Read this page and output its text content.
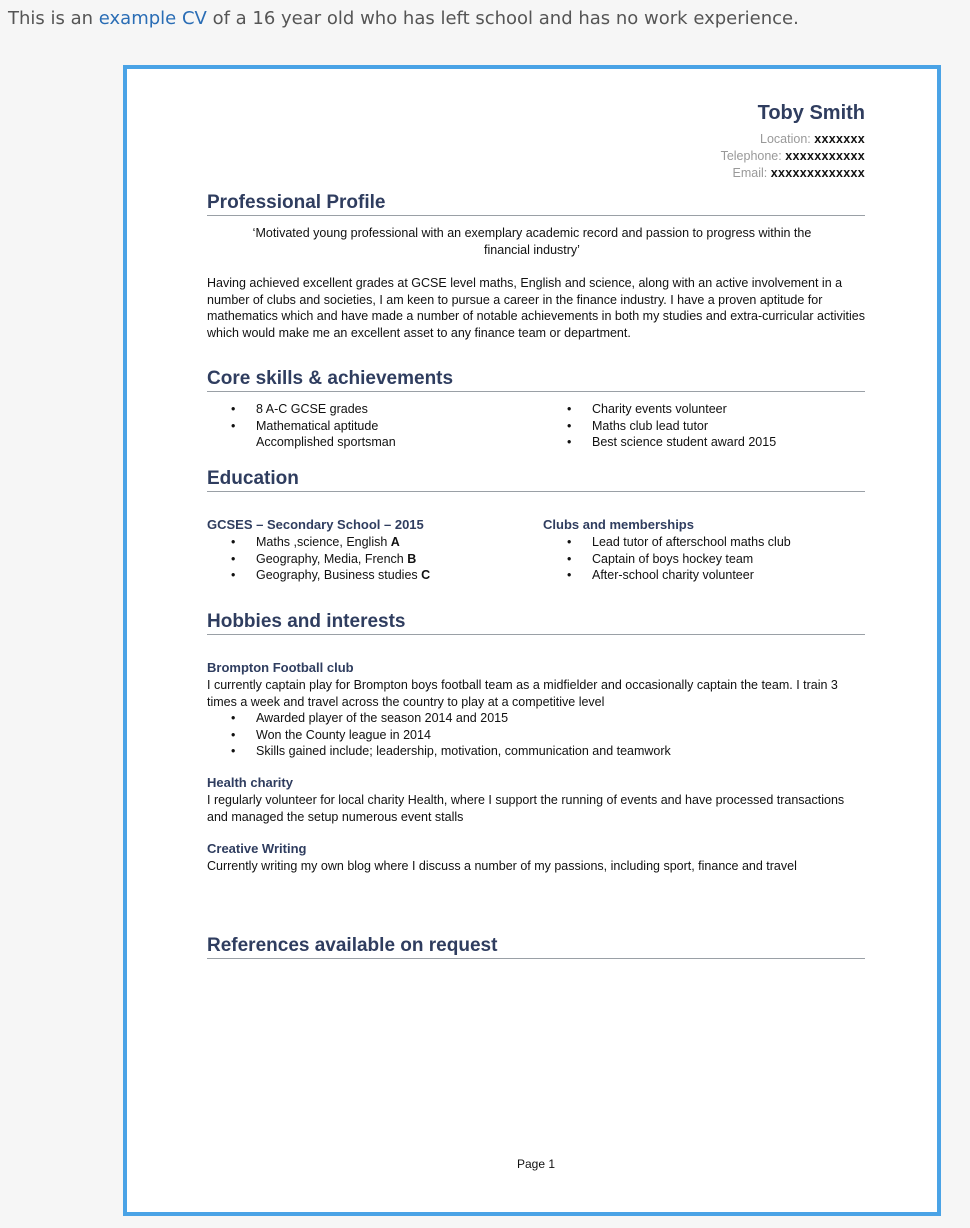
This is an example CV of a 16 year old who has left school and has no work experience.
Toby Smith
Location: xxxxxxx
Telephone: xxxxxxxxxxx
Email: xxxxxxxxxxxxx
Professional Profile
‘Motivated young professional with an exemplary academic record and passion to progress within the financial industry’
Having achieved excellent grades at GCSE level maths, English and science, along with an active involvement in a number of clubs and societies, I am keen to pursue a career in the finance industry. I have a proven aptitude for mathematics which and have made a number of notable achievements in both my studies and extra-curricular activities which would make me an excellent asset to any finance team or department.
Core skills & achievements
• 8 A-C GCSE grades
• Mathematical aptitude
Accomplished sportsman
• Charity events volunteer
• Maths club lead tutor
• Best science student award 2015
Education
GCSES – Secondary School – 2015
• Maths ,science, English A
• Geography, Media, French B
• Geography, Business studies C
Clubs and memberships
• Lead tutor of afterschool maths club
• Captain of boys hockey team
• After-school charity volunteer
Hobbies and interests
Brompton Football club
I currently captain play for Brompton boys football team as a midfielder and occasionally captain the team. I train 3 times a week and travel across the country to play at a competitive level
• Awarded player of the season 2014 and 2015
• Won the County league in 2014
• Skills gained include; leadership, motivation, communication and teamwork
Health charity
I regularly volunteer for local charity Health, where I support the running of events and have processed transactions and managed the setup numerous event stalls
Creative Writing
Currently writing my own blog where I discuss a number of my passions, including sport, finance and travel
References available on request
Page 1
